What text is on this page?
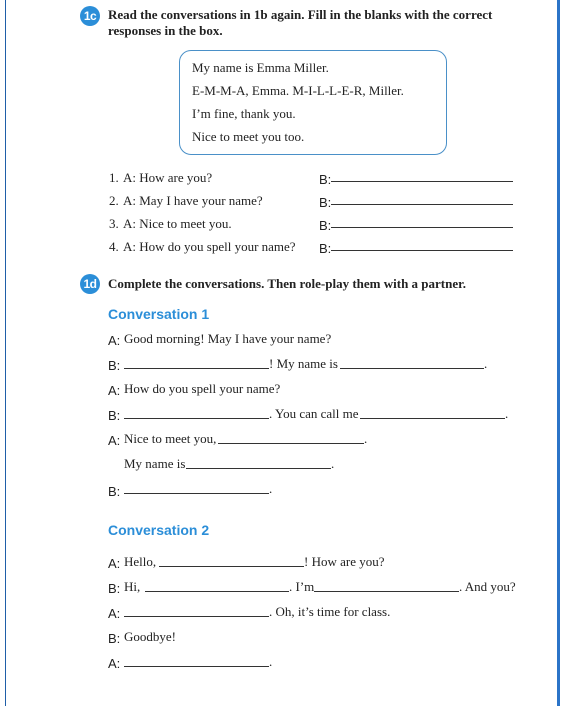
1c Read the conversations in 1b again. Fill in the blanks with the correct
responses in the box.
My name is Emma Miller.
E-M-M-A, Emma. M-I-L-L-E-R, Miller.
I’m fine, thank you.
Nice to meet you too.
1. A: How are you?	B:
2. A: May I have your name?	B:
3. A: Nice to meet you.	B:
4. A: How do you spell your name? B:
1d Complete the conversations. Then role-play them with a partner.
Conversation 1
A: Good morning! May I have your name?
B:	! My name is	.
A: How do you spell your name?
B:	. You can call me	.
A: Nice to meet you,	.
My name is	.
B:	.
Conversation 2
A: Hello,	! How are you?
B: Hi,	. I’m	. And you?
A:	. Oh, it’s time for class.
B: Goodbye!
A:	.
